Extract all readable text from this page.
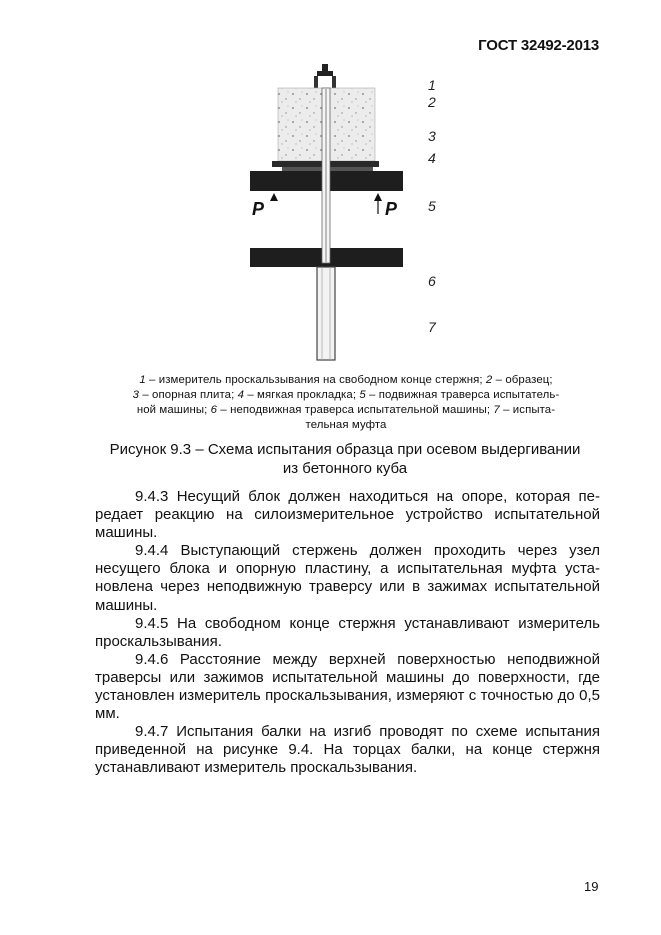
ГОСТ 32492-2013
1
2
3
4
5
6
7
P	P
1 – измеритель проскальзывания на свободном конце стержня; 2 – образец;
3 – опорная плита; 4 – мягкая прокладка; 5 – подвижная траверса испытатель-
ной машины; 6 – неподвижная траверса испытательной машины; 7 – испыта-
тельная муфта
Рисунок 9.3 – Схема испытания образца при осевом выдергивании
из бетонного куба

9.4.3 Несущий блок должен находиться на опоре, которая пе-редает реакцию на силоизмерительное устройство испытательной машины.

9.4.4 Выступающий стержень должен проходить через узел несущего блока и опорную пластину, а испытательная муфта уста-новлена через неподвижную траверсу или в зажимах испытательной машины.

9.4.5 На свободном конце стержня устанавливают измеритель проскальзывания.

9.4.6 Расстояние между верхней поверхностью неподвижной траверсы или зажимов испытательной машины до поверхности, где установлен измеритель проскальзывания, измеряют с точностью до 0,5 мм.

9.4.7 Испытания балки на изгиб проводят по схеме испытания приведенной на рисунке 9.4. На торцах балки, на конце стержня устанавливают измеритель проскальзывания.

19
